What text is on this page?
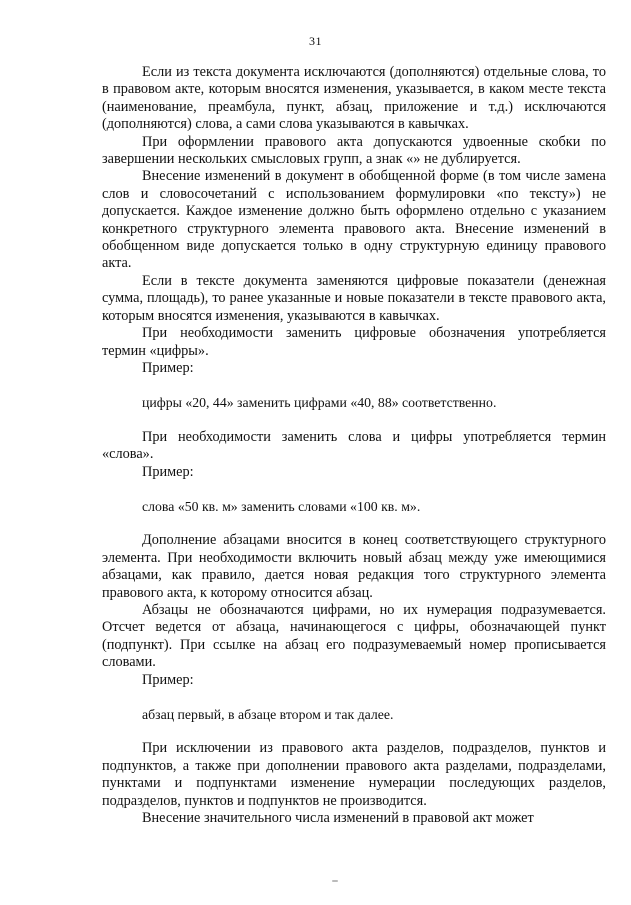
31

Если из текста документа исключаются (дополняются) отдельные слова, то в правовом акте, которым вносятся изменения, указывается, в каком месте текста (наименование, преамбула, пункт, абзац, приложение и т.д.) исключаются (дополняются) слова, а сами слова указываются в кавычках.

При оформлении правового акта допускаются удвоенные скобки по завершении нескольких смысловых групп, а знак «» не дублируется.

Внесение изменений в документ в обобщенной форме (в том числе замена слов и словосочетаний с использованием формулировки «по тексту») не допускается. Каждое изменение должно быть оформлено отдельно с указанием конкретного структурного элемента правового акта. Внесение изменений в обобщенном виде допускается только в одну структурную единицу правового акта.

Если в тексте документа заменяются цифровые показатели (денежная сумма, площадь), то ранее указанные и новые показатели в тексте правового акта, которым вносятся изменения, указываются в кавычках.

При необходимости заменить цифровые обозначения употребляется термин «цифры».

Пример:

цифры «20, 44» заменить цифрами «40, 88» соответственно.

При необходимости заменить слова и цифры употребляется термин «слова».

Пример:

слова «50 кв. м» заменить словами «100 кв. м».

Дополнение абзацами вносится в конец соответствующего структурного элемента. При необходимости включить новый абзац между уже имеющимися абзацами, как правило, дается новая редакция того структурного элемента правового акта, к которому относится абзац.

Абзацы не обозначаются цифрами, но их нумерация подразумевается. Отсчет ведется от абзаца, начинающегося с цифры, обозначающей пункт (подпункт). При ссылке на абзац его подразумеваемый номер прописывается словами.

Пример:

абзац первый, в абзаце втором и так далее.

При исключении из правового акта разделов, подразделов, пунктов и подпунктов, а также при дополнении правового акта разделами, подразделами, пунктами и подпунктами изменение нумерации последующих разделов, подразделов, пунктов и подпунктов не производится.

Внесение значительного числа изменений в правовой акт может
